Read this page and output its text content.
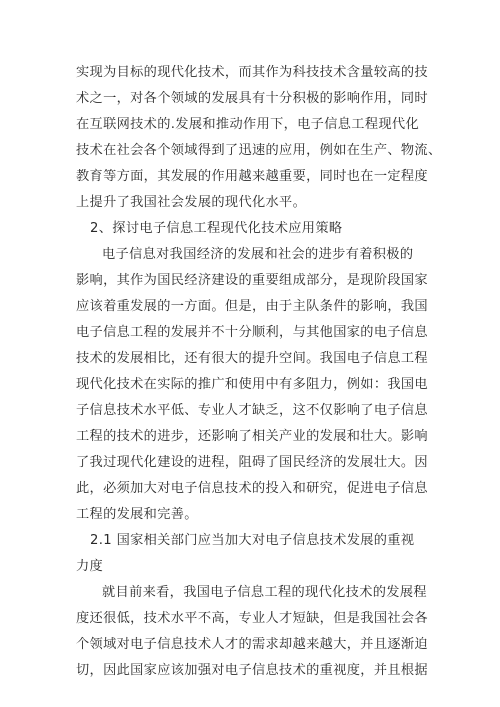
实现为目标的现代化技术，而其作为科技技术含量较高的技
术之一，对各个领域的发展具有十分积极的影响作用，同时
在互联网技术的.发展和推动作用下，电子信息工程现代化
技术在社会各个领域得到了迅速的应用，例如在生产、物流、
教育等方面，其发展的作用越来越重要，同时也在一定程度
上提升了我国社会发展的现代化水平。
2、探讨电子信息工程现代化技术应用策略
电子信息对我国经济的发展和社会的进步有着积极的
影响，其作为国民经济建设的重要组成部分，是现阶段国家
应该着重发展的一方面。但是，由于主队条件的影响，我国
电子信息工程的发展并不十分顺利，与其他国家的电子信息
技术的发展相比，还有很大的提升空间。我国电子信息工程
现代化技术在实际的推广和使用中有多阻力，例如：我国电
子信息技术水平低、专业人才缺乏，这不仅影响了电子信息
工程的技术的进步，还影响了相关产业的发展和壮大。影响
了我过现代化建设的进程，阻碍了国民经济的发展壮大。因
此，必须加大对电子信息技术的投入和研究，促进电子信息
工程的发展和完善。
2.1 国家相关部门应当加大对电子信息技术发展的重视
力度
就目前来看，我国电子信息工程的现代化技术的发展程
度还很低，技术水平不高，专业人才短缺，但是我国社会各
个领域对电子信息技术人才的需求却越来越大，并且逐渐迫
切，因此国家应该加强对电子信息技术的重视度，并且根据
